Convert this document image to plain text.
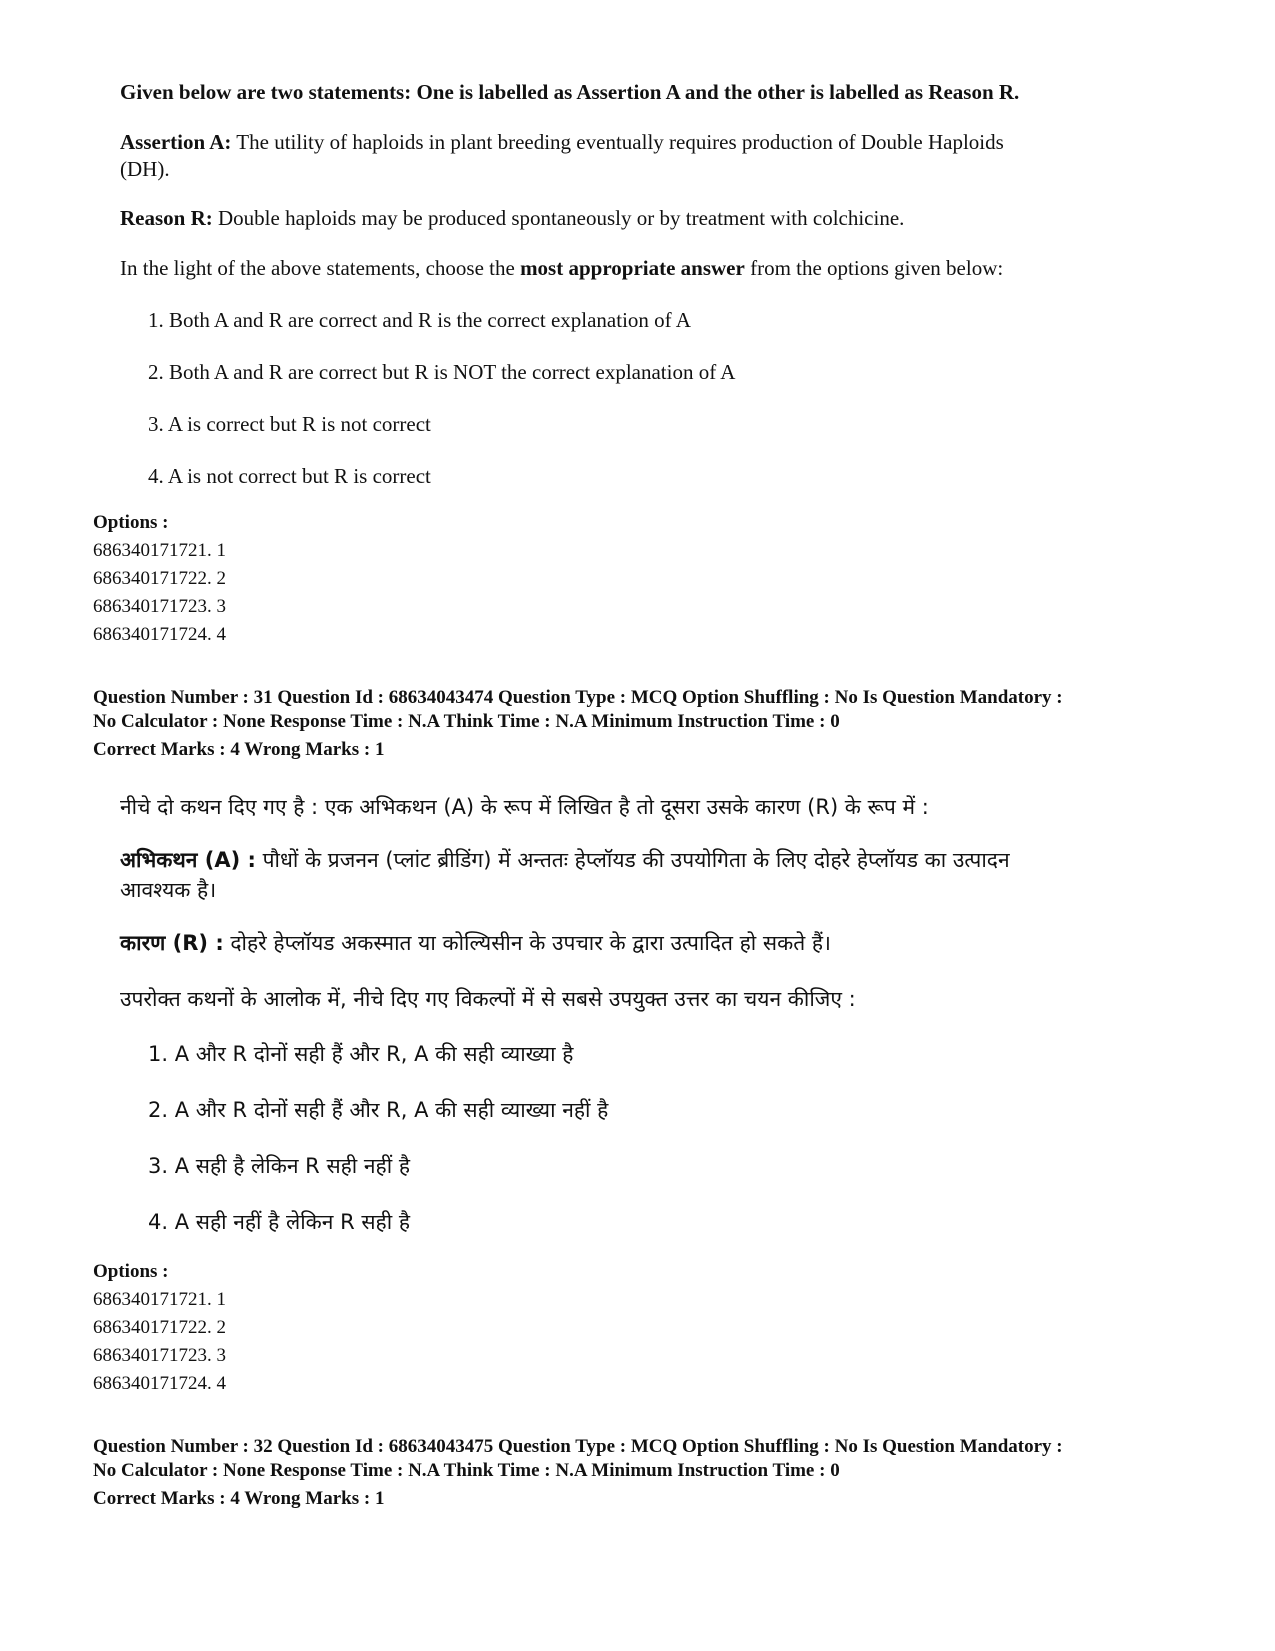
Given below are two statements: One is labelled as Assertion A and the other is labelled as Reason R.
Assertion A: The utility of haploids in plant breeding eventually requires production of Double Haploids
(DH).
Reason R: Double haploids may be produced spontaneously or by treatment with colchicine.
In the light of the above statements, choose the most appropriate answer from the options given below:
1. Both A and R are correct and R is the correct explanation of A
2. Both A and R are correct but R is NOT the correct explanation of A
3. A is correct but R is not correct
4. A is not correct but R is correct
Options :
686340171721. 1
686340171722. 2
686340171723. 3
686340171724. 4
Question Number : 31 Question Id : 68634043474 Question Type : MCQ Option Shuffling : No Is Question Mandatory :
No Calculator : None Response Time : N.A Think Time : N.A Minimum Instruction Time : 0
Correct Marks : 4 Wrong Marks : 1
नीचे दो कथन दिए गए है : एक अभिकथन (A) के रूप में लिखित है तो दूसरा उसके कारण (R) के रूप में :
अभिकथन (A) : पौधों के प्रजनन (प्लांट ब्रीडिंग) में अन्ततः हेप्लॉयड की उपयोगिता के लिए दोहरे हेप्लॉयड का उत्पादन
आवश्यक है।
कारण (R) : दोहरे हेप्लॉयड अकस्मात या कोल्यिसीन के उपचार के द्वारा उत्पादित हो सकते हैं।
उपरोक्त कथनों के आलोक में, नीचे दिए गए विकल्पों में से सबसे उपयुक्त उत्तर का चयन कीजिए :
1. A और R दोनों सही हैं और R, A की सही व्याख्या है
2. A और R दोनों सही हैं और R, A की सही व्याख्या नहीं है
3. A सही है लेकिन R सही नहीं है
4. A सही नहीं है लेकिन R सही है
Options :
686340171721. 1
686340171722. 2
686340171723. 3
686340171724. 4
Question Number : 32 Question Id : 68634043475 Question Type : MCQ Option Shuffling : No Is Question Mandatory :
No Calculator : None Response Time : N.A Think Time : N.A Minimum Instruction Time : 0
Correct Marks : 4 Wrong Marks : 1
